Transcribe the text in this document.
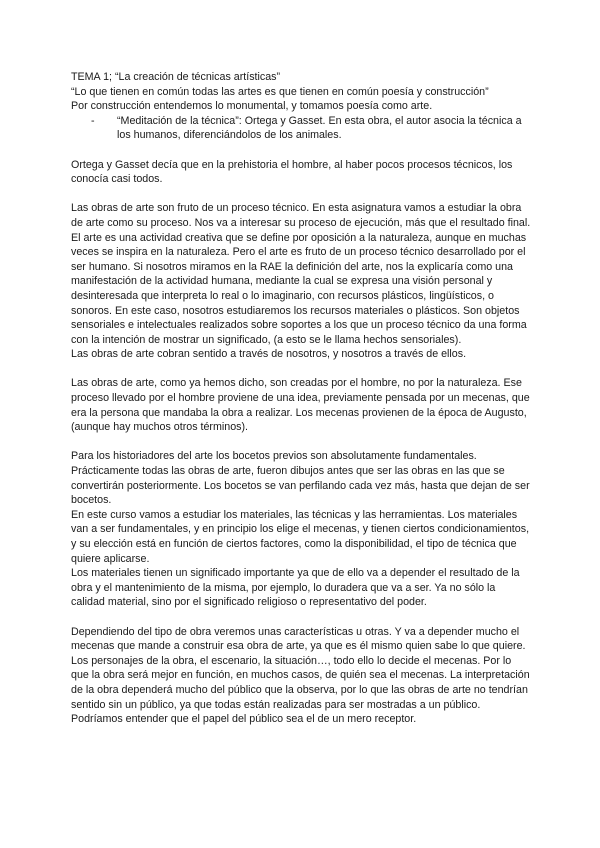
TEMA 1; “La creación de técnicas artísticas”

“Lo que tienen en común todas las artes es que tienen en común poesía y construcción”

Por construcción entendemos lo monumental, y tomamos poesía como arte.

-	“Meditación de la técnica”: Ortega y Gasset. En esta obra, el autor asocia la técnica a los humanos, diferenciándolos de los animales.

Ortega y Gasset decía que en la prehistoria el hombre, al haber pocos procesos técnicos, los conocía casi todos.

Las obras de arte son fruto de un proceso técnico. En esta asignatura vamos a estudiar la obra de arte como su proceso. Nos va a interesar su proceso de ejecución, más que el resultado final. El arte es una actividad creativa que se define por oposición a la naturaleza, aunque en muchas veces se inspira en la naturaleza. Pero el arte es fruto de un proceso técnico desarrollado por el ser humano. Si nosotros miramos en la RAE la definición del arte, nos la explicaría como una manifestación de la actividad humana, mediante la cual se expresa una visión personal y desinteresada que interpreta lo real o lo imaginario, con recursos plásticos, lingüísticos, o sonoros. En este caso, nosotros estudiaremos los recursos materiales o plásticos. Son objetos sensoriales e intelectuales realizados sobre soportes a los que un proceso técnico da una forma con la intención de mostrar un significado, (a esto se le llama hechos sensoriales).

Las obras de arte cobran sentido a través de nosotros, y nosotros a través de ellos.

Las obras de arte, como ya hemos dicho, son creadas por el hombre, no por la naturaleza. Ese proceso llevado por el hombre proviene de una idea, previamente pensada por un mecenas, que era la persona que mandaba la obra a realizar. Los mecenas provienen de la época de Augusto, (aunque hay muchos otros términos).

Para los historiadores del arte los bocetos previos son absolutamente fundamentales. Prácticamente todas las obras de arte, fueron dibujos antes que ser las obras en las que se convertirán posteriormente. Los bocetos se van perfilando cada vez más, hasta que dejan de ser bocetos.

En este curso vamos a estudiar los materiales, las técnicas y las herramientas. Los materiales van a ser fundamentales, y en principio los elige el mecenas, y tienen ciertos condicionamientos, y su elección está en función de ciertos factores, como la disponibilidad, el tipo de técnica que quiere aplicarse.

Los materiales tienen un significado importante ya que de ello va a depender el resultado de la obra y el mantenimiento de la misma, por ejemplo, lo duradera que va a ser. Ya no sólo la calidad material, sino por el significado religioso o representativo del poder.

Dependiendo del tipo de obra veremos unas características u otras. Y va a depender mucho el mecenas que mande a construir esa obra de arte, ya que es él mismo quien sabe lo que quiere. Los personajes de la obra, el escenario, la situación…, todo ello lo decide el mecenas. Por lo que la obra será mejor en función, en muchos casos, de quién sea el mecenas. La interpretación de la obra dependerá mucho del público que la observa, por lo que las obras de arte no tendrían sentido sin un público, ya que todas están realizadas para ser mostradas a un público. Podríamos entender que el papel del público sea el de un mero receptor.
